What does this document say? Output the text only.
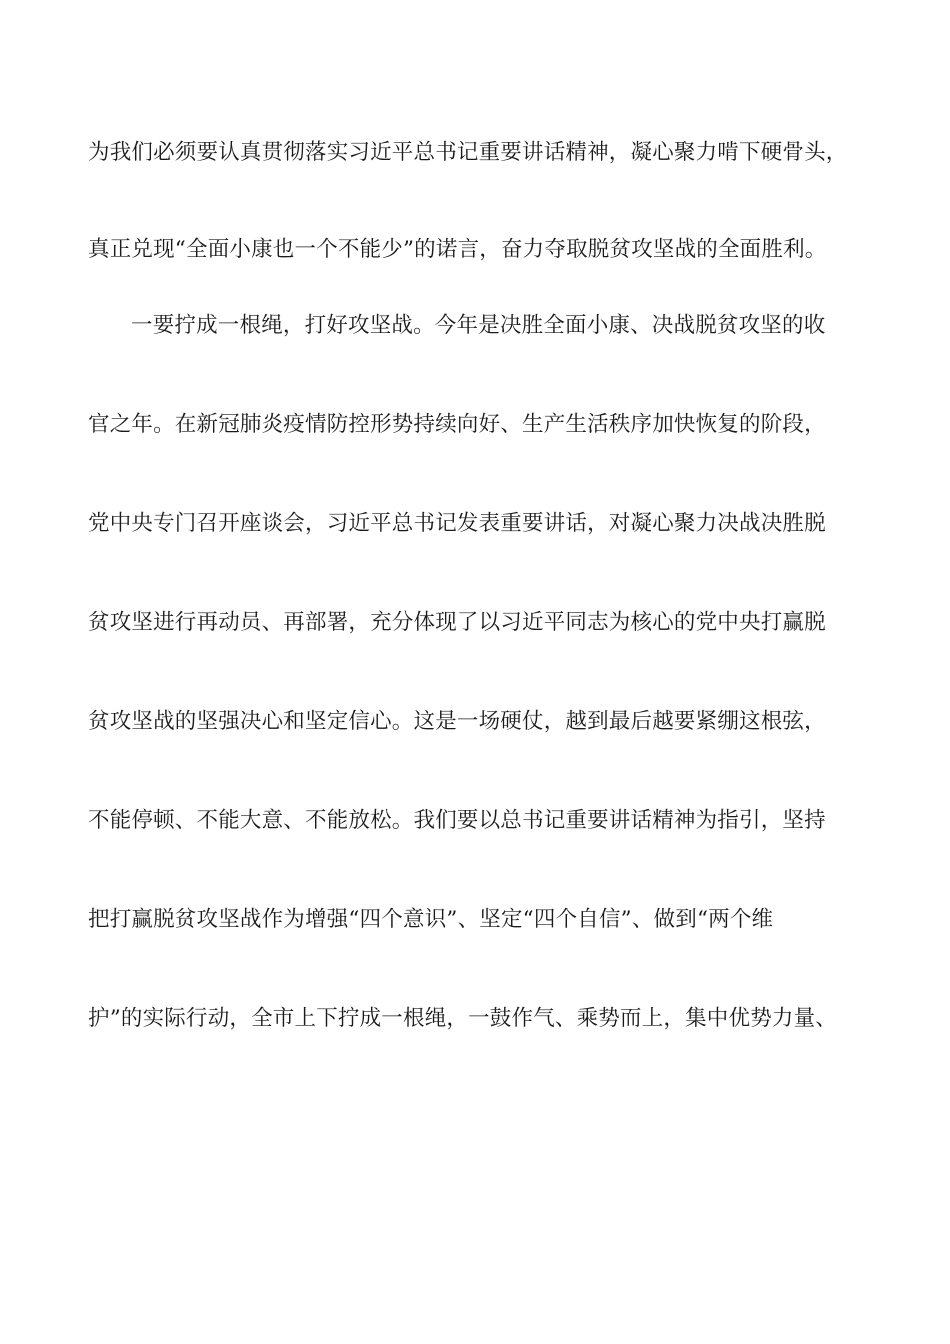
为我们必须要认真贯彻落实习近平总书记重要讲话精神，凝心聚力啃下硬骨头，
真正兑现“全面小康也一个不能少”的诺言，奋力夺取脱贫攻坚战的全面胜利。
一要拧成一根绳，打好攻坚战。今年是决胜全面小康、决战脱贫攻坚的收
官之年。在新冠肺炎疫情防控形势持续向好、生产生活秩序加快恢复的阶段，
党中央专门召开座谈会，习近平总书记发表重要讲话，对凝心聚力决战决胜脱
贫攻坚进行再动员、再部署，充分体现了以习近平同志为核心的党中央打赢脱
贫攻坚战的坚强决心和坚定信心。这是一场硬仗，越到最后越要紧绷这根弦，
不能停顿、不能大意、不能放松。我们要以总书记重要讲话精神为指引，坚持
把打赢脱贫攻坚战作为增强“四个意识”、坚定“四个自信”、做到“两个维
护”的实际行动，全市上下拧成一根绳，一鼓作气、乘势而上，集中优势力量、
